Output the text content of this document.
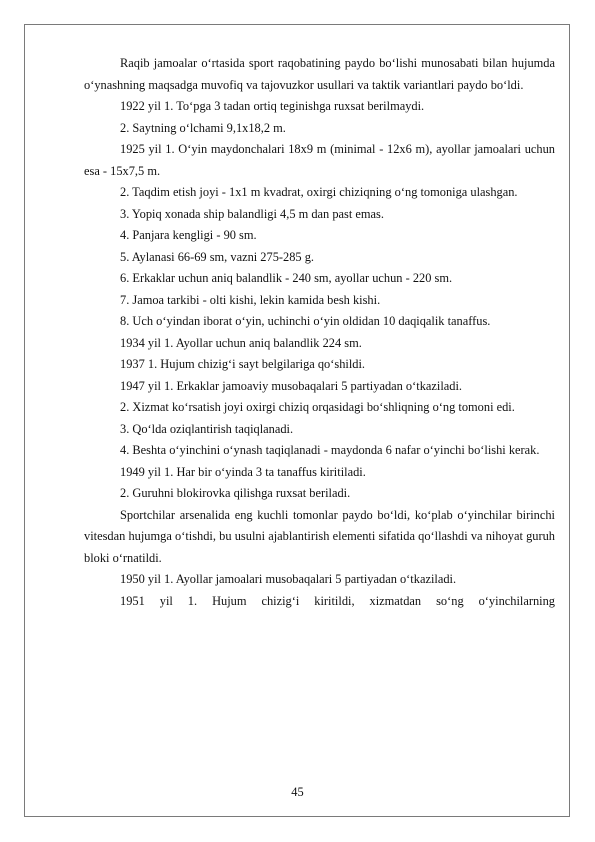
Raqib jamoalar o‘rtasida sport raqobatining paydo bo‘lishi munosabati bilan hujumda o‘ynashning maqsadga muvofiq va tajovuzkor usullari va taktik variantlari paydo bo‘ldi.

1922 yil 1. To‘pga 3 tadan ortiq teginishga ruxsat berilmaydi.

2. Saytning o‘lchami 9,1x18,2 m.

1925 yil 1. O‘yin maydonchalari 18x9 m (minimal - 12x6 m), ayollar jamoalari uchun esa - 15x7,5 m.

2. Taqdim etish joyi - 1x1 m kvadrat, oxirgi chiziqning o‘ng tomoniga ulashgan.

3. Yopiq xonada ship balandligi 4,5 m dan past emas.

4. Panjara kengligi - 90 sm.

5. Aylanasi 66-69 sm, vazni 275-285 g.

6. Erkaklar uchun aniq balandlik - 240 sm, ayollar uchun - 220 sm.

7. Jamoa tarkibi - olti kishi, lekin kamida besh kishi.

8. Uch o‘yindan iborat o‘yin, uchinchi o‘yin oldidan 10 daqiqalik tanaffus.

1934 yil 1. Ayollar uchun aniq balandlik 224 sm.

1937 1. Hujum chizig‘i sayt belgilariga qo‘shildi.

1947 yil 1. Erkaklar jamoaviy musobaqalari 5 partiyadan o‘tkaziladi.

2. Xizmat ko‘rsatish joyi oxirgi chiziq orqasidagi bo‘shliqning o‘ng tomoni edi.

3. Qo‘lda oziqlantirish taqiqlanadi.

4. Beshta o‘yinchini o‘ynash taqiqlanadi - maydonda 6 nafar o‘yinchi bo‘lishi kerak.

1949 yil 1. Har bir o‘yinda 3 ta tanaffus kiritiladi.

2. Guruhni blokirovka qilishga ruxsat beriladi.

Sportchilar arsenalida eng kuchli tomonlar paydo bo‘ldi, ko‘plab o‘yinchilar birinchi vitesdan hujumga o‘tishdi, bu usulni ajablantirish elementi sifatida qo‘llashdi va nihoyat guruh bloki o‘rnatildi.

1950 yil 1. Ayollar jamoalari musobaqalari 5 partiyadan o‘tkaziladi.

1951 yil 1. Hujum chizig‘i kiritildi, xizmatdan so‘ng o‘yinchilarning

45
